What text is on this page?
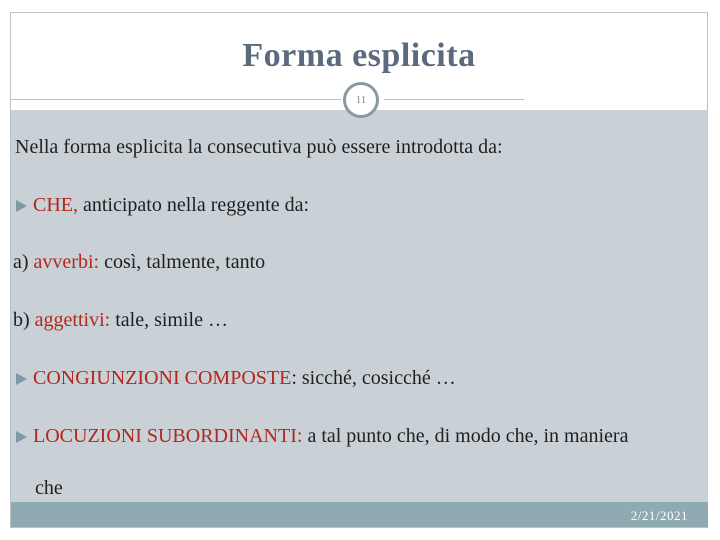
Forma esplicita
11
Nella forma esplicita la consecutiva può essere introdotta da:
CHE, anticipato nella reggente da:
a) avverbi: così, talmente, tanto
b) aggettivi: tale, simile …
CONGIUNZIONI COMPOSTE: sicché, cosicché …
LOCUZIONI SUBORDINANTI: a tal punto che, di modo che, in maniera
che
2/21/2021
